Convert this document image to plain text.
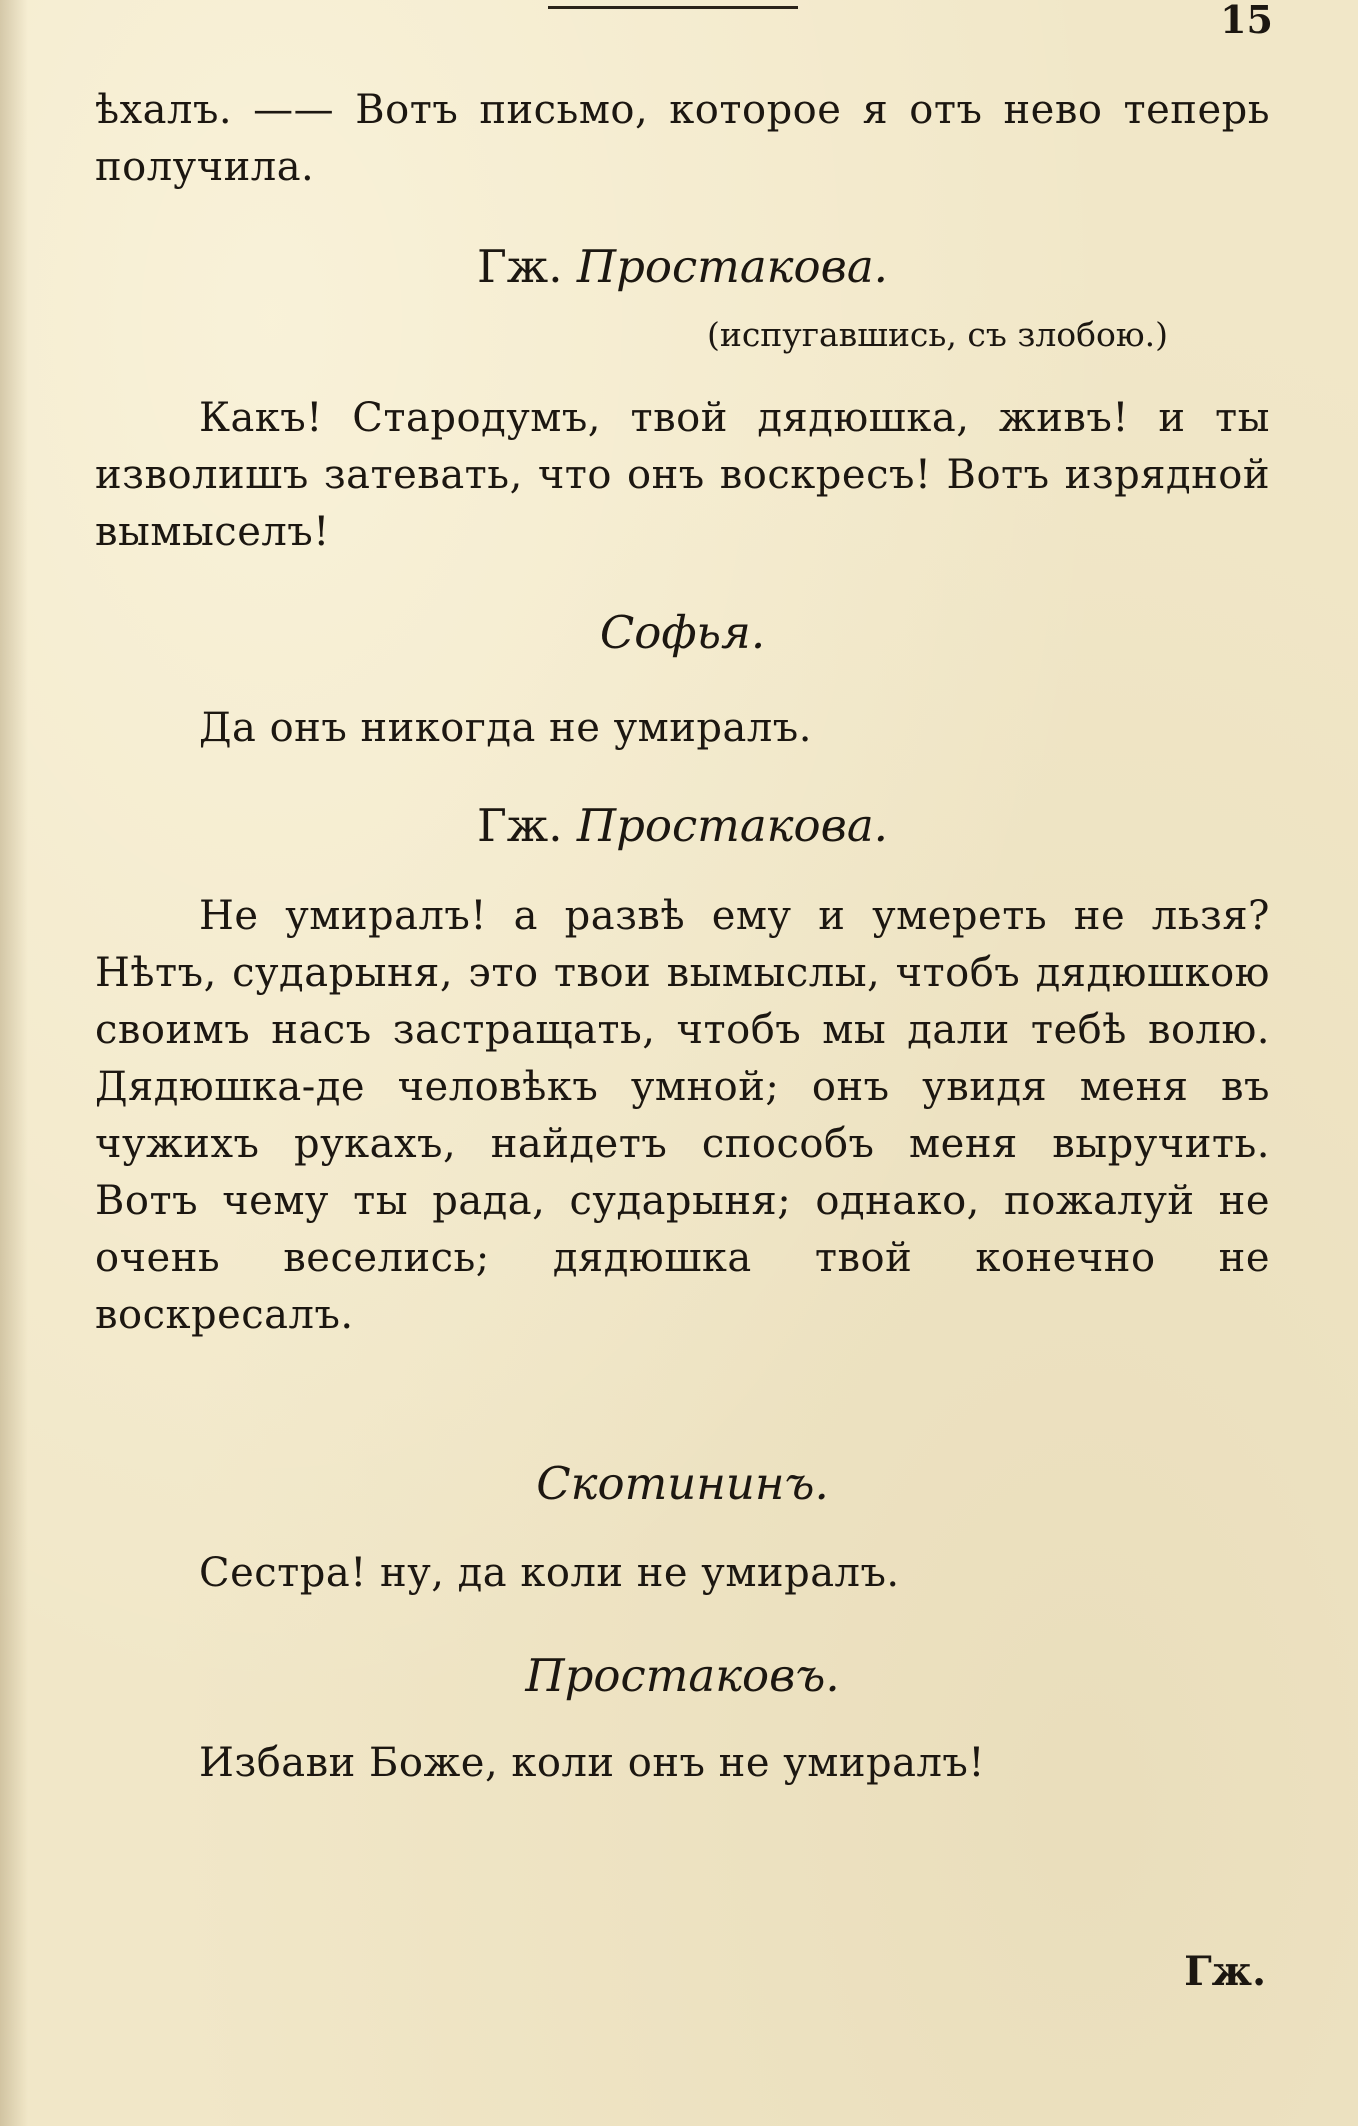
15

ѣхалъ. —— Вотъ письмо, которое я отъ нево теперь получила.

Гж. Простакова.

(испугавшись, съ злобою.)

Какъ! Стародумъ, твой дядюшка, живъ! и ты изволишъ затевать, что онъ воскресъ! Вотъ изрядной вымыселъ!

Софья.

Да онъ никогда не умиралъ.

Гж. Простакова.

Не умиралъ! а развѣ ему и умереть не льзя? Нѣтъ, сударыня, это твои вымыслы, чтобъ дядюшкою своимъ насъ застращать, чтобъ мы дали тебѣ волю. Дядюшка-де человѣкъ умной; онъ увидя меня въ чужихъ рукахъ, найдетъ способъ меня выручить. Вотъ чему ты рада, сударыня; однако, пожалуй не очень веселись; дядюшка твой конечно не воскресалъ.

Скотининъ.

Сестра! ну, да коли не умиралъ.

Простаковъ.

Избави Боже, коли онъ не умиралъ!

Гж.
